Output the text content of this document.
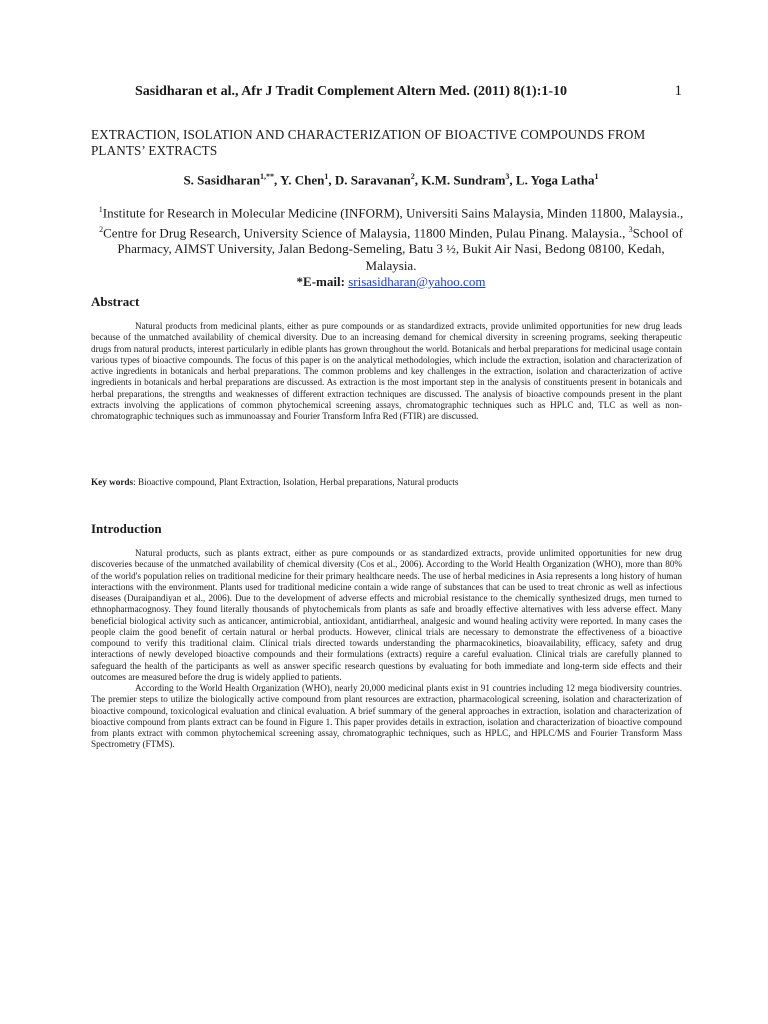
Sasidharan et al., Afr J Tradit Complement Altern Med. (2011) 8(1):1-10	1
EXTRACTION, ISOLATION AND CHARACTERIZATION OF BIOACTIVE COMPOUNDS FROM PLANTS’ EXTRACTS
S. Sasidharan$^{1,**}$, Y. Chen$^1$, D. Saravanan$^2$, K.M. Sundram$^3$, L. Yoga Latha$^1$
$^1$Institute for Research in Molecular Medicine (INFORM), Universiti Sains Malaysia, Minden 11800, Malaysia., $^2$Centre for Drug Research, University Science of Malaysia, 11800 Minden, Pulau Pinang. Malaysia., $^3$School of Pharmacy, AIMST University, Jalan Bedong-Semeling, Batu 3 ½, Bukit Air Nasi, Bedong 08100, Kedah, Malaysia.
*E-mail: srisasidharan@yahoo.com
Abstract

Natural products from medicinal plants, either as pure compounds or as standardized extracts, provide unlimited opportunities for new drug leads because of the unmatched availability of chemical diversity. Due to an increasing demand for chemical diversity in screening programs, seeking therapeutic drugs from natural products, interest particularly in edible plants has grown throughout the world. Botanicals and herbal preparations for medicinal usage contain various types of bioactive compounds. The focus of this paper is on the analytical methodologies, which include the extraction, isolation and characterization of active ingredients in botanicals and herbal preparations. The common problems and key challenges in the extraction, isolation and characterization of active ingredients in botanicals and herbal preparations are discussed. As extraction is the most important step in the analysis of constituents present in botanicals and herbal preparations, the strengths and weaknesses of different extraction techniques are discussed. The analysis of bioactive compounds present in the plant extracts involving the applications of common phytochemical screening assays, chromatographic techniques such as HPLC and, TLC as well as non-chromatographic techniques such as immunoassay and Fourier Transform Infra Red (FTIR) are discussed.

Key words: Bioactive compound, Plant Extraction, Isolation, Herbal preparations, Natural products
Introduction

Natural products, such as plants extract, either as pure compounds or as standardized extracts, provide unlimited opportunities for new drug discoveries because of the unmatched availability of chemical diversity (Cos et al., 2006). According to the World Health Organization (WHO), more than 80% of the world's population relies on traditional medicine for their primary healthcare needs. The use of herbal medicines in Asia represents a long history of human interactions with the environment. Plants used for traditional medicine contain a wide range of substances that can be used to treat chronic as well as infectious diseases (Duraipandiyan et al., 2006). Due to the development of adverse effects and microbial resistance to the chemically synthesized drugs, men turned to ethnopharmacognosy. They found literally thousands of phytochemicals from plants as safe and broadly effective alternatives with less adverse effect. Many beneficial biological activity such as anticancer, antimicrobial, antioxidant, antidiarrheal, analgesic and wound healing activity were reported. In many cases the people claim the good benefit of certain natural or herbal products. However, clinical trials are necessary to demonstrate the effectiveness of a bioactive compound to verify this traditional claim. Clinical trials directed towards understanding the pharmacokinetics, bioavailability, efficacy, safety and drug interactions of newly developed bioactive compounds and their formulations (extracts) require a careful evaluation. Clinical trials are carefully planned to safeguard the health of the participants as well as answer specific research questions by evaluating for both immediate and long-term side effects and their outcomes are measured before the drug is widely applied to patients.

According to the World Health Organization (WHO), nearly 20,000 medicinal plants exist in 91 countries including 12 mega biodiversity countries. The premier steps to utilize the biologically active compound from plant resources are extraction, pharmacological screening, isolation and characterization of bioactive compound, toxicological evaluation and clinical evaluation. A brief summary of the general approaches in extraction, isolation and characterization of bioactive compound from plants extract can be found in Figure 1. This paper provides details in extraction, isolation and characterization of bioactive compound from plants extract with common phytochemical screening assay, chromatographic techniques, such as HPLC, and HPLC/MS and Fourier Transform Mass Spectrometry (FTMS).
